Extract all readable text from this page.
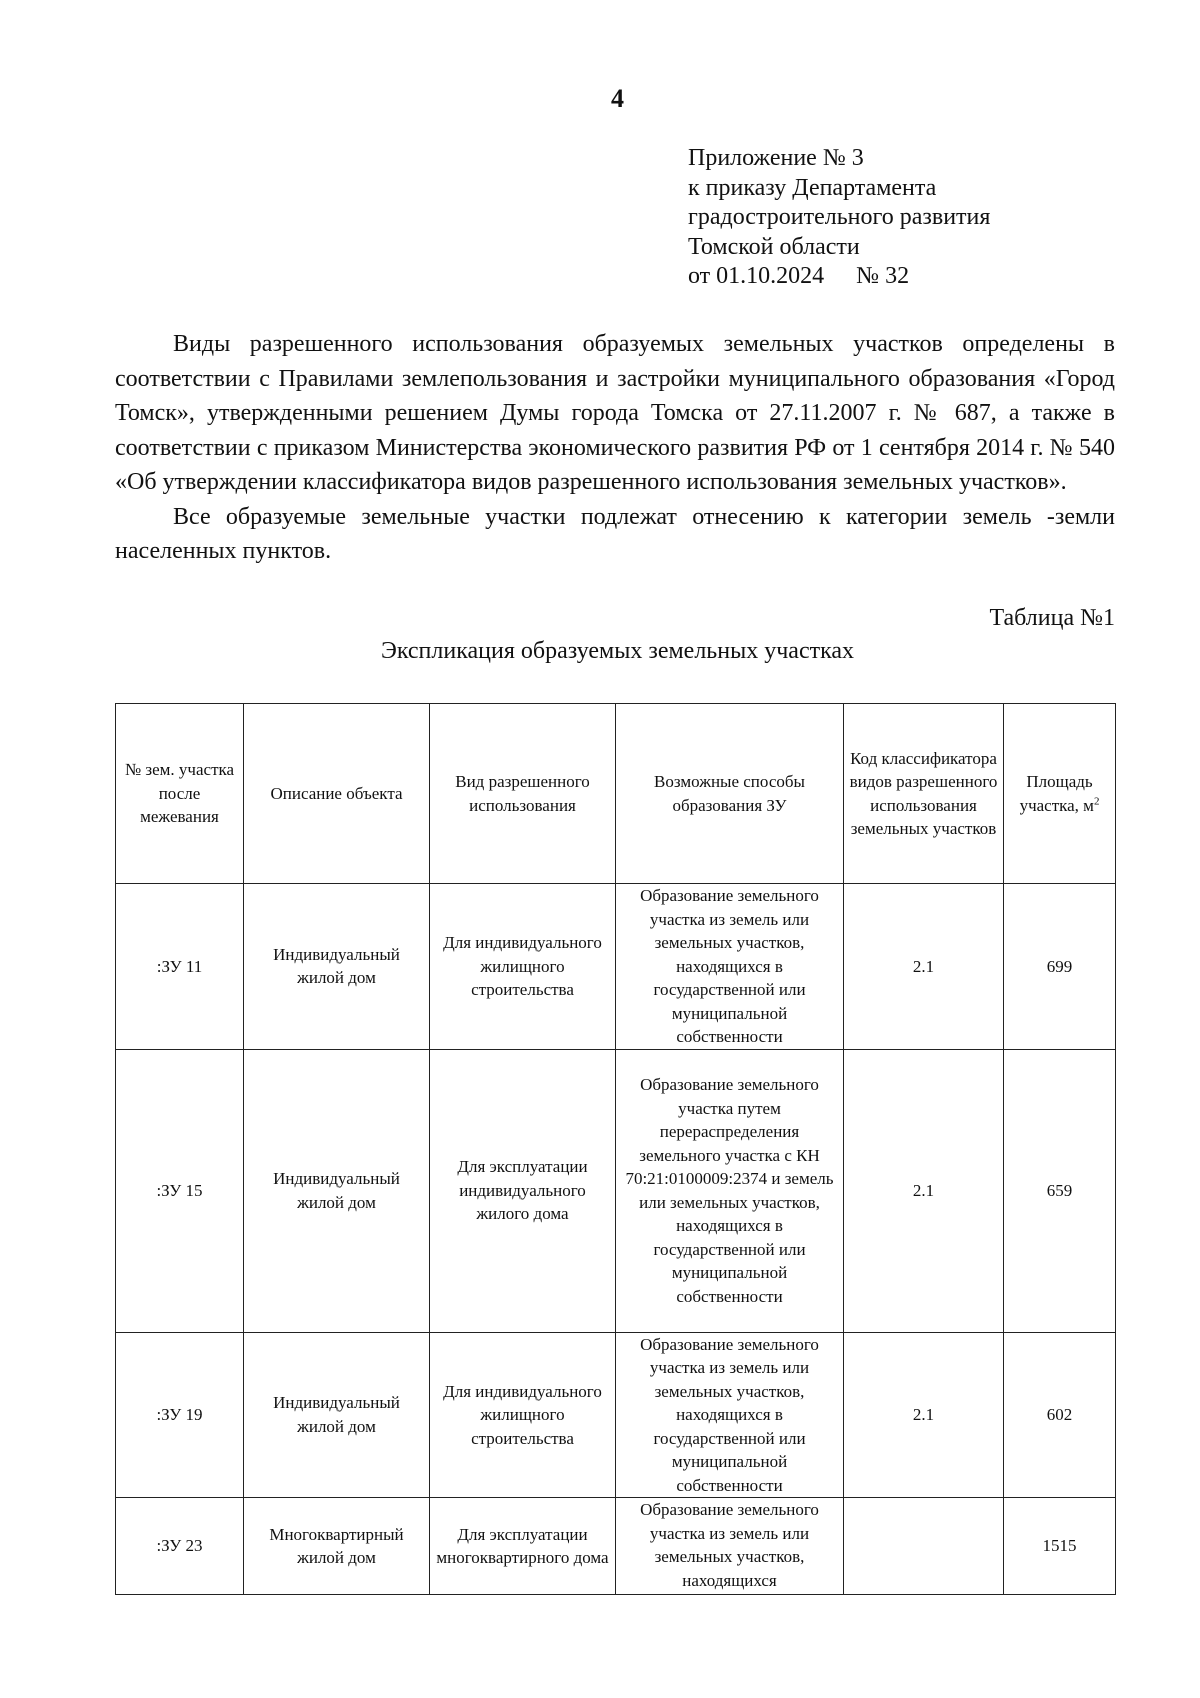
4
Приложение № 3
к приказу Департамента
градостроительного развития
Томской области
от 01.10.2024 № 32

Виды разрешенного использования образуемых земельных участков определены в соответствии с Правилами землепользования и застройки муниципального образования «Город Томск», утвержденными решением Думы города Томска от 27.11.2007 г. № 687, а также в соответствии с приказом Министерства экономического развития РФ от 1 сентября 2014 г. № 540 «Об утверждении классификатора видов разрешенного использования земельных участков».

Все образуемые земельные участки подлежат отнесению к категории земель -земли населенных пунктов.

Таблица №1
Экспликация образуемых земельных участках
№ зем. участка после межевания	Описание объекта	Вид разрешенного использования	Возможные способы образования ЗУ	Код классификатора видов разрешенного использования земельных участков	Площадь участка, $м^2$
:ЗУ 11	Индивидуальный жилой дом	Для индивидуального жилищного строительства	Образование земельного участка из земель или земельных участков, находящихся в государственной или муниципальной собственности	2.1	699
:ЗУ 15	Индивидуальный жилой дом	Для эксплуатации индивидуального жилого дома	Образование земельного участка путем перераспределения земельного участка с КН 70:21:0100009:2374 и земель или земельных участков, находящихся в государственной или муниципальной собственности	2.1	659
:ЗУ 19	Индивидуальный жилой дом	Для индивидуального жилищного строительства	Образование земельного участка из земель или земельных участков, находящихся в государственной или муниципальной собственности	2.1	602
:ЗУ 23	Многоквартирный жилой дом	Для эксплуатации многоквартирного дома	Образование земельного участка из земель или земельных участков, находящихся		1515
